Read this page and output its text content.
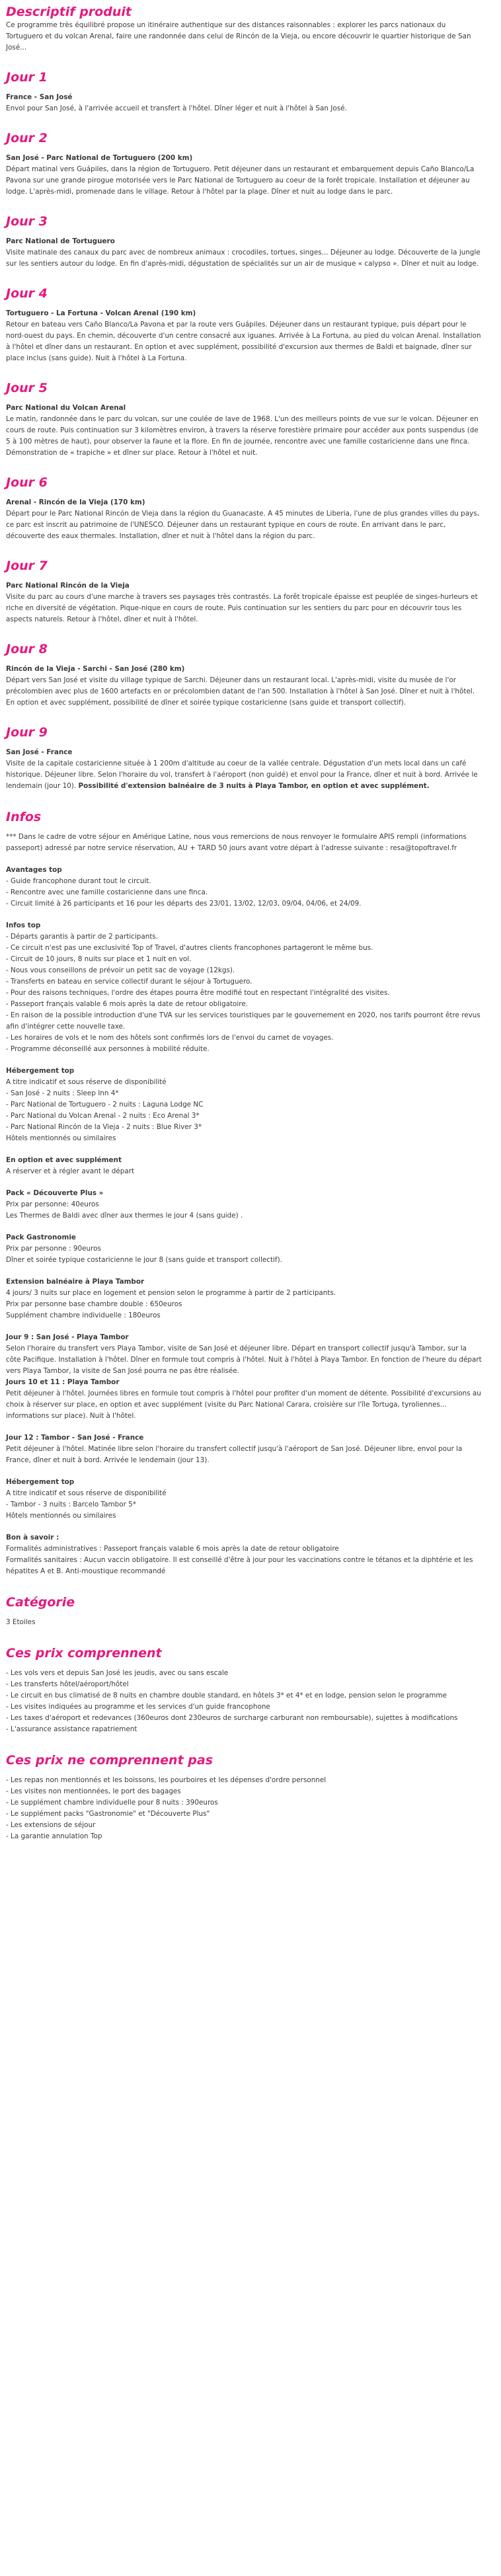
Descriptif produit

Ce programme très équilibré propose un itinéraire authentique sur des distances raisonnables : explorer les parcs nationaux du Tortuguero et du volcan Arenal, faire une randonnée dans celui de Rincón de la Vieja, ou encore découvrir le quartier historique de San José...

Jour 1

France - San José

Envol pour San José, à l'arrivée accueil et transfert à l'hôtel. Dîner léger et nuit à l'hôtel à San José.

Jour 2

San José - Parc National de Tortuguero (200 km)

Départ matinal vers Guápiles, dans la région de Tortuguero. Petit déjeuner dans un restaurant et embarquement depuis Caño Blanco/La Pavona sur une grande pirogue motorisée vers le Parc National de Tortuguero au coeur de la forêt tropicale. Installation et déjeuner au lodge. L'après-midi, promenade dans le village. Retour à l'hôtel par la plage. Dîner et nuit au lodge dans le parc.

Jour 3

Parc National de Tortuguero

Visite matinale des canaux du parc avec de nombreux animaux : crocodiles, tortues, singes... Déjeuner au lodge. Découverte de la jungle sur les sentiers autour du lodge. En fin d'après-midi, dégustation de spécialités sur un air de musique « calypso ». Dîner et nuit au lodge.

Jour 4

Tortuguero - La Fortuna - Volcan Arenal (190 km)

Retour en bateau vers Caño Blanco/La Pavona et par la route vers Guápiles. Déjeuner dans un restaurant typique, puis départ pour le nord-ouest du pays. En chemin, découverte d'un centre consacré aux iguanes. Arrivée à La Fortuna, au pied du volcan Arenal. Installation à l'hôtel et dîner dans un restaurant. En option et avec supplément, possibilité d'excursion aux thermes de Baldi et baignade, dîner sur place inclus (sans guide). Nuit à l'hôtel à La Fortuna.

Jour 5

Parc National du Volcan Arenal

Le matin, randonnée dans le parc du volcan, sur une coulée de lave de 1968. L'un des meilleurs points de vue sur le volcan. Déjeuner en cours de route. Puis continuation sur 3 kilomètres environ, à travers la réserve forestière primaire pour accéder aux ponts suspendus (de 5 à 100 mètres de haut), pour observer la faune et la flore. En fin de journée, rencontre avec une famille costaricienne dans une finca. Démonstration de « trapiche » et dîner sur place. Retour à l'hôtel et nuit.

Jour 6

Arenal - Rincón de la Vieja (170 km)

Départ pour le Parc National Rincón de Vieja dans la région du Guanacaste. A 45 minutes de Liberia, l'une de plus grandes villes du pays, ce parc est inscrit au patrimoine de l'UNESCO. Déjeuner dans un restaurant typique en cours de route. En arrivant dans le parc, découverte des eaux thermales. Installation, dîner et nuit à l'hôtel dans la région du parc.

Jour 7

Parc National Rincón de la Vieja

Visite du parc au cours d'une marche à travers ses paysages très contrastés. La forêt tropicale épaisse est peuplée de singes-hurleurs et riche en diversité de végétation. Pique-nique en cours de route. Puis continuation sur les sentiers du parc pour en découvrir tous les aspects naturels. Retour à l'hôtel, dîner et nuit à l'hôtel.

Jour 8

Rincón de la Vieja - Sarchi - San José (280 km)

Départ vers San José et visite du village typique de Sarchi. Déjeuner dans un restaurant local. L'après-midi, visite du musée de l'or précolombien avec plus de 1600 artefacts en or précolombien datant de l'an 500. Installation à l'hôtel à San José. Dîner et nuit à l'hôtel. En option et avec supplément, possibilité de dîner et soirée typique costaricienne (sans guide et transport collectif).

Jour 9

San José - France

Visite de la capitale costaricienne située à 1 200m d'altitude au coeur de la vallée centrale. Dégustation d'un mets local dans un café historique. Déjeuner libre. Selon l'horaire du vol, transfert à l'aéroport (non guidé) et envol pour la France, dîner et nuit à bord. Arrivée le lendemain (jour 10). Possibilité d'extension balnéaire de 3 nuits à Playa Tambor, en option et avec supplément.

Infos

*** Dans le cadre de votre séjour en Amérique Latine, nous vous remercions de nous renvoyer le formulaire APIS rempli (informations passeport) adressé par notre service réservation, AU + TARD 50 jours avant votre départ à l'adresse suivante : resa@topoftravel.fr

Avantages top

- Guide francophone durant tout le circuit.

- Rencontre avec une famille costaricienne dans une finca.

- Circuit limité à 26 participants et 16 pour les départs des 23/01, 13/02, 12/03, 09/04, 04/06, et 24/09.

Infos top

- Départs garantis à partir de 2 participants.

- Ce circuit n'est pas une exclusivité Top of Travel, d'autres clients francophones partageront le même bus.

- Circuit de 10 jours, 8 nuits sur place et 1 nuit en vol.

- Nous vous conseillons de prévoir un petit sac de voyage (12kgs).

- Transferts en bateau en service collectif durant le séjour à Tortuguero.

- Pour des raisons techniques, l'ordre des étapes pourra être modifié tout en respectant l'intégralité des visites.

- Passeport français valable 6 mois après la date de retour obligatoire.

- En raison de la possible introduction d'une TVA sur les services touristiques par le gouvernement en 2020, nos tarifs pourront être revus afin d'intégrer cette nouvelle taxe.

- Les horaires de vols et le nom des hôtels sont confirmés lors de l'envoi du carnet de voyages.

- Programme déconseillé aux personnes à mobilité réduite.

Hébergement top

A titre indicatif et sous réserve de disponibilité

- San José - 2 nuits : Sleep Inn 4*

- Parc National de Tortuguero - 2 nuits : Laguna Lodge NC

- Parc National du Volcan Arenal - 2 nuits : Eco Arenal 3*

- Parc National Rincón de la Vieja - 2 nuits : Blue River 3*

Hôtels mentionnés ou similaires

En option et avec supplément

A réserver et à régler avant le départ

Pack « Découverte Plus »

Prix par personne: 40euros

Les Thermes de Baldi avec dîner aux thermes le jour 4 (sans guide) .

Pack Gastronomie

Prix par personne : 90euros

Dîner et soirée typique costaricienne le jour 8 (sans guide et transport collectif).

Extension balnéaire à Playa Tambor

4 jours/ 3 nuits sur place en logement et pension selon le programme à partir de 2 participants.

Prix par personne base chambre double : 650euros

Supplément chambre individuelle : 180euros

Jour 9 : San José - Playa Tambor

Selon l'horaire du transfert vers Playa Tambor, visite de San José et déjeuner libre. Départ en transport collectif jusqu'à Tambor, sur la côte Pacifique. Installation à l'hôtel. Dîner en formule tout compris à l'hôtel. Nuit à l'hôtel à Playa Tambor. En fonction de l'heure du départ vers Playa Tambor, la visite de San José pourra ne pas être réalisée.

Jours 10 et 11 : Playa Tambor

Petit déjeuner à l'hôtel. Journées libres en formule tout compris à l'hôtel pour profiter d'un moment de détente. Possibilité d'excursions au choix à réserver sur place, en option et avec supplément (visite du Parc National Carara, croisière sur l'île Tortuga, tyroliennes... informations sur place). Nuit à l'hôtel.

Jour 12 : Tambor - San José - France

Petit déjeuner à l'hôtel. Matinée libre selon l'horaire du transfert collectif jusqu'à l'aéroport de San José. Déjeuner libre, envol pour la France, dîner et nuit à bord. Arrivée le lendemain (jour 13).

Hébergement top

A titre indicatif et sous réserve de disponibilité

- Tambor - 3 nuits : Barcelo Tambor 5*

Hôtels mentionnés ou similaires

Bon à savoir :

Formalités administratives : Passeport français valable 6 mois après la date de retour obligatoire

Formalités sanitaires : Aucun vaccin obligatoire. Il est conseillé d'être à jour pour les vaccinations contre le tétanos et la diphtérie et les hépatites A et B. Anti-moustique recommandé

Catégorie

3 Etoiles

Ces prix comprennent

- Les vols vers et depuis San José les jeudis, avec ou sans escale

- Les transferts hôtel/aéroport/hôtel

- Le circuit en bus climatisé de 8 nuits en chambre double standard, en hôtels 3* et 4* et en lodge, pension selon le programme

- Les visites indiquées au programme et les services d'un guide francophone

- Les taxes d'aéroport et redevances (360euros dont 230euros de surcharge carburant non remboursable), sujettes à modifications

- L'assurance assistance rapatriement

Ces prix ne comprennent pas

- Les repas non mentionnés et les boissons, les pourboires et les dépenses d'ordre personnel

- Les visites non mentionnées, le port des bagages

- Le supplément chambre individuelle pour 8 nuits : 390euros

- Le supplément packs "Gastronomie" et "Découverte Plus"

- Les extensions de séjour

- La garantie annulation Top
